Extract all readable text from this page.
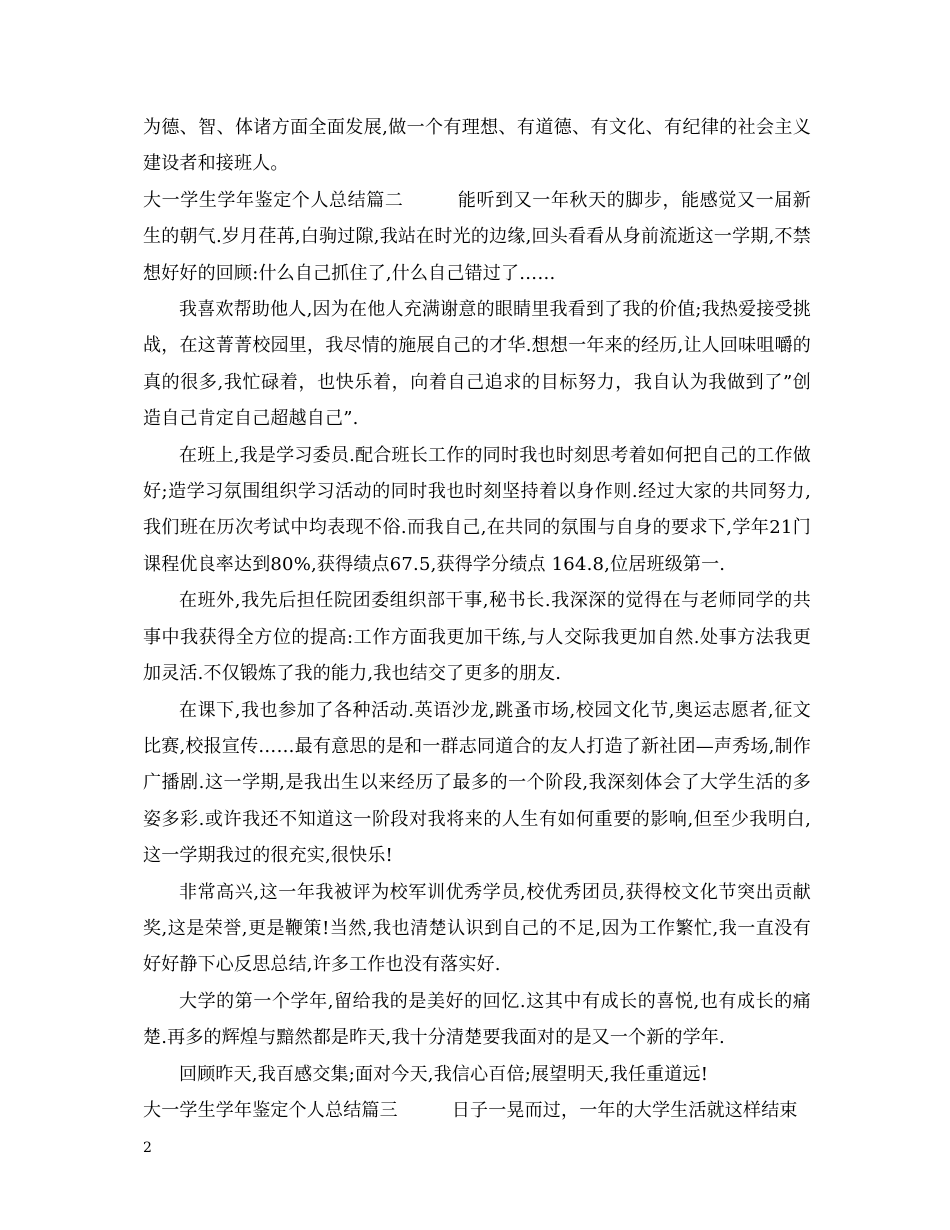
为德、智、体诸方面全面发展,做一个有理想、有道德、有文化、有纪律的社会主义建设者和接班人。

大一学生学年鉴定个人总结篇二	能听到又一年秋天的脚步，能感觉又一届新生的朝气.岁月荏苒,白驹过隙,我站在时光的边缘,回头看看从身前流逝这一学期,不禁想好好的回顾:什么自己抓住了,什么自己错过了……

我喜欢帮助他人,因为在他人充满谢意的眼睛里我看到了我的价值;我热爱接受挑战，在这菁菁校园里，我尽情的施展自己的才华.想想一年来的经历,让人回味咀嚼的真的很多,我忙碌着，也快乐着，向着自己追求的目标努力，我自认为我做到了”创造自己肯定自己超越自己”.

在班上,我是学习委员.配合班长工作的同时我也时刻思考着如何把自己的工作做好;造学习氛围组织学习活动的同时我也时刻坚持着以身作则.经过大家的共同努力,我们班在历次考试中均表现不俗.而我自己,在共同的氛围与自身的要求下,学年21门课程优良率达到80%,获得绩点67.5,获得学分绩点 164.8,位居班级第一.

在班外,我先后担任院团委组织部干事,秘书长.我深深的觉得在与老师同学的共事中我获得全方位的提高:工作方面我更加干练,与人交际我更加自然.处事方法我更加灵活.不仅锻炼了我的能力,我也结交了更多的朋友.

在课下,我也参加了各种活动.英语沙龙,跳蚤市场,校园文化节,奥运志愿者,征文比赛,校报宣传……最有意思的是和一群志同道合的友人打造了新社团—声秀场,制作广播剧.这一学期,是我出生以来经历了最多的一个阶段,我深刻体会了大学生活的多姿多彩.或许我还不知道这一阶段对我将来的人生有如何重要的影响,但至少我明白,这一学期我过的很充实,很快乐!

非常高兴,这一年我被评为校军训优秀学员,校优秀团员,获得校文化节突出贡献奖,这是荣誉,更是鞭策!当然,我也清楚认识到自己的不足,因为工作繁忙,我一直没有好好静下心反思总结,许多工作也没有落实好.

大学的第一个学年,留给我的是美好的回忆.这其中有成长的喜悦,也有成长的痛楚.再多的辉煌与黯然都是昨天,我十分清楚要我面对的是又一个新的学年.

回顾昨天,我百感交集;面对今天,我信心百倍;展望明天,我任重道远!

大一学生学年鉴定个人总结篇三	日子一晃而过，一年的大学生活就这样结束

2
